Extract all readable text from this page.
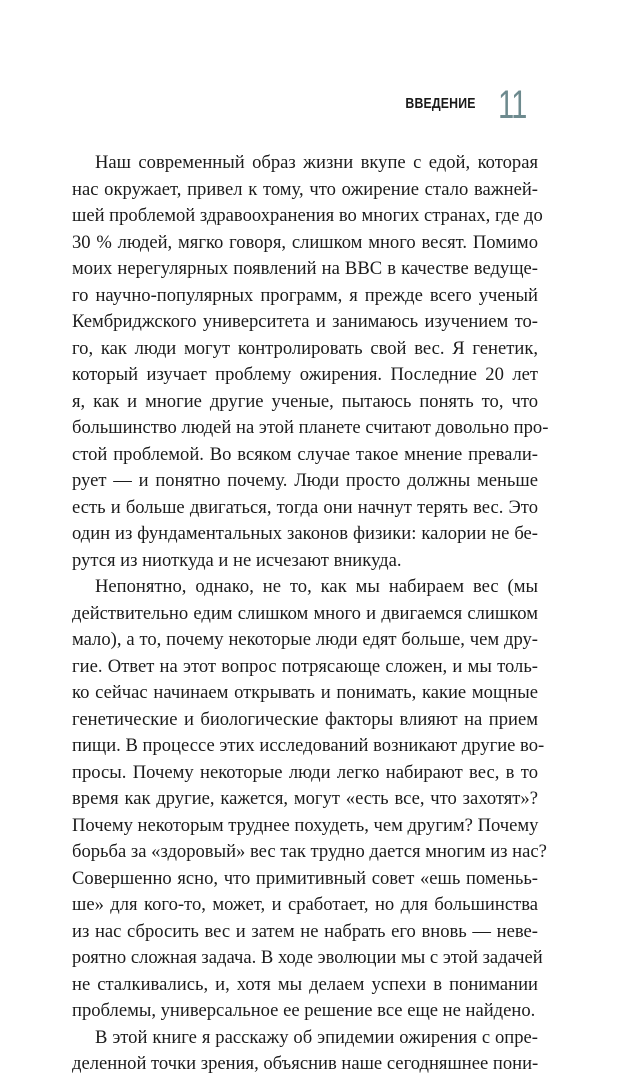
ВВЕДЕНИЕ 11
Наш современный образ жизни вкупе с едой, которая
нас окружает, привел к тому, что ожирение стало важней-
шей проблемой здравоохранения во многих странах, где до
30 % людей, мягко говоря, слишком много весят. Помимо
моих нерегулярных появлений на BBC в качестве ведуще-
го научно-популярных программ, я прежде всего ученый
Кембриджского университета и занимаюсь изучением то-
го, как люди могут контролировать свой вес. Я генетик,
который изучает проблему ожирения. Последние 20 лет
я, как и многие другие ученые, пытаюсь понять то, что
большинство людей на этой планете считают довольно про-
стой проблемой. Во всяком случае такое мнение превали-
рует — и понятно почему. Люди просто должны меньше
есть и больше двигаться, тогда они начнут терять вес. Это
один из фундаментальных законов физики: калории не бе-
рутся из ниоткуда и не исчезают вникуда.
Непонятно, однако, не то, как мы набираем вес (мы
действительно едим слишком много и двигаемся слишком
мало), а то, почему некоторые люди едят больше, чем дру-
гие. Ответ на этот вопрос потрясающе сложен, и мы толь-
ко сейчас начинаем открывать и понимать, какие мощные
генетические и биологические факторы влияют на прием
пищи. В процессе этих исследований возникают другие во-
просы. Почему некоторые люди легко набирают вес, в то
время как другие, кажется, могут «есть все, что захотят»?
Почему некоторым труднее похудеть, чем другим? Почему
борьба за «здоровый» вес так трудно дается многим из нас?
Совершенно ясно, что примитивный совет «ешь поменьь-
ше» для кого-то, может, и сработает, но для большинства
из нас сбросить вес и затем не набрать его вновь — неве-
роятно сложная задача. В ходе эволюции мы с этой задачей
не сталкивались, и, хотя мы делаем успехи в понимании
проблемы, универсальное ее решение все еще не найдено.
В этой книге я расскажу об эпидемии ожирения с опре-
деленной точки зрения, объяснив наше сегодняшнее пони-
